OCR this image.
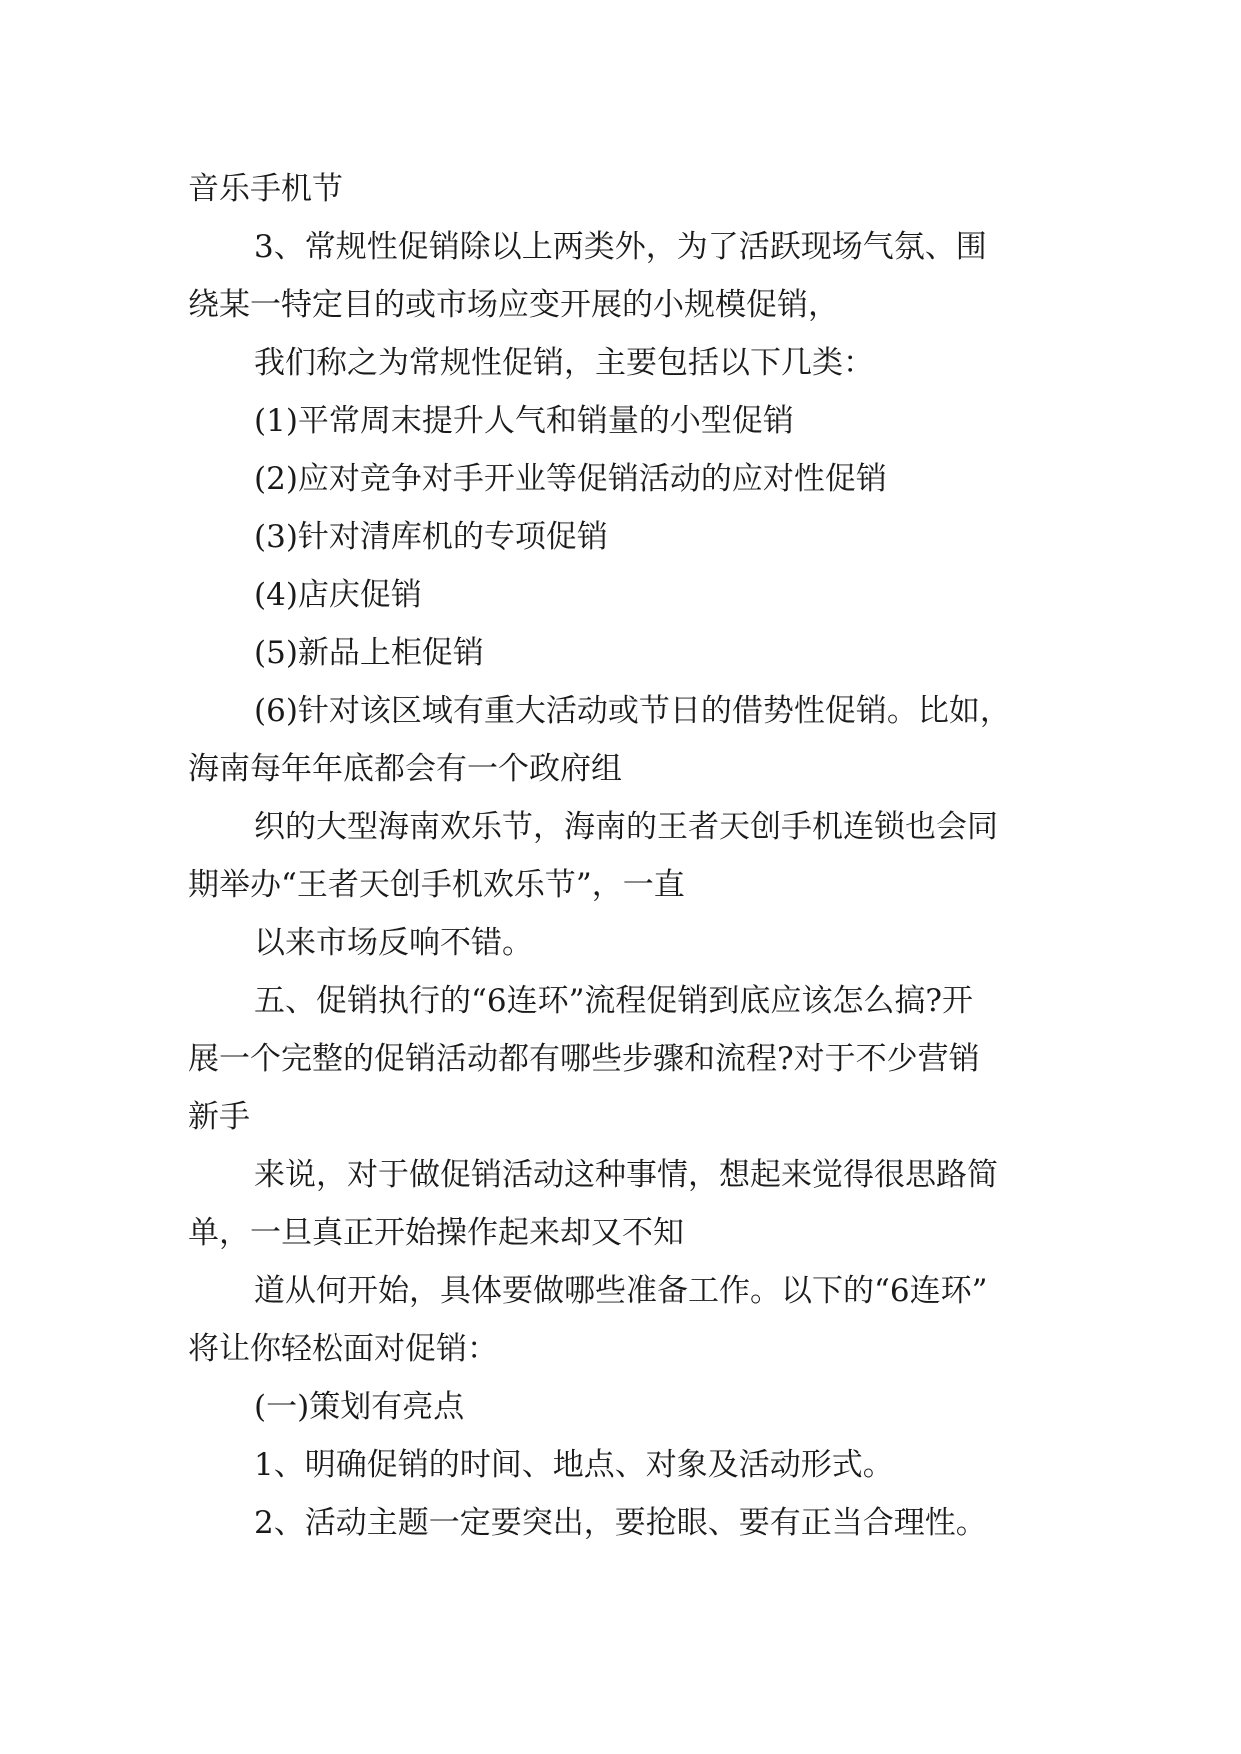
音乐手机节
3、常规性促销除以上两类外，为了活跃现场气氛、围
绕某一特定目的或市场应变开展的小规模促销，
我们称之为常规性促销，主要包括以下几类：
(1)平常周末提升人气和销量的小型促销
(2)应对竞争对手开业等促销活动的应对性促销
(3)针对清库机的专项促销
(4)店庆促销
(5)新品上柜促销
(6)针对该区域有重大活动或节日的借势性促销。比如，
海南每年年底都会有一个政府组
织的大型海南欢乐节，海南的王者天创手机连锁也会同
期举办“王者天创手机欢乐节”，一直
以来市场反响不错。
五、促销执行的“6连环”流程促销到底应该怎么搞?开
展一个完整的促销活动都有哪些步骤和流程?对于不少营销
新手
来说，对于做促销活动这种事情，想起来觉得很思路简
单，一旦真正开始操作起来却又不知
道从何开始，具体要做哪些准备工作。以下的“6连环”
将让你轻松面对促销：
(一)策划有亮点
1、明确促销的时间、地点、对象及活动形式。
2、活动主题一定要突出，要抢眼、要有正当合理性。
